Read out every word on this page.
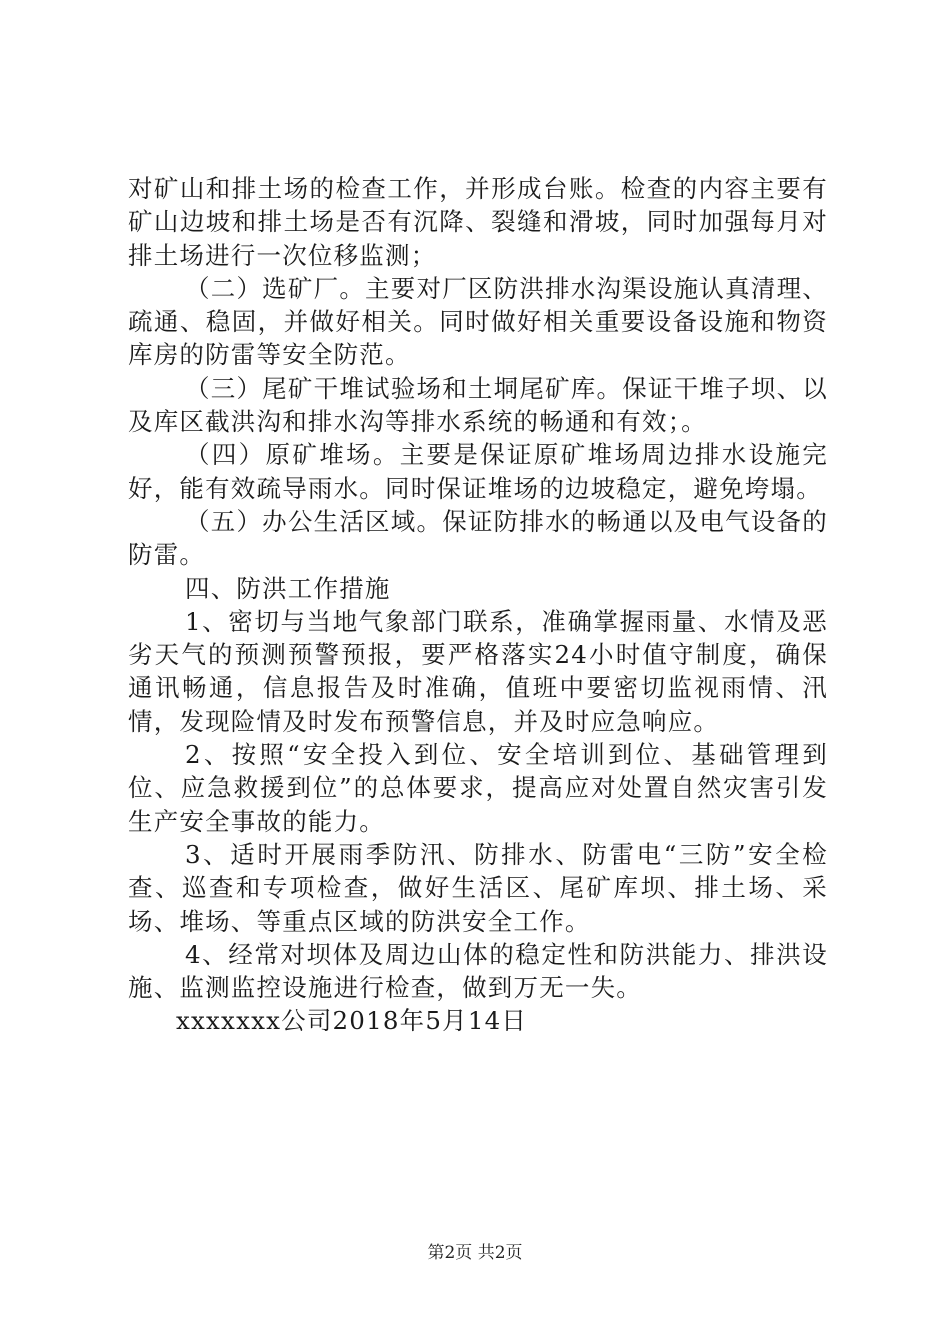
对矿山和排土场的检查工作，并形成台账。检查的内容主要有矿山边坡和排土场是否有沉降、裂缝和滑坡，同时加强每月对排土场进行一次位移监测；

（二）选矿厂。主要对厂区防洪排水沟渠设施认真清理、疏通、稳固，并做好相关。同时做好相关重要设备设施和物资库房的防雷等安全防范。

（三）尾矿干堆试验场和土垌尾矿库。保证干堆子坝、以及库区截洪沟和排水沟等排水系统的畅通和有效；。

（四）原矿堆场。主要是保证原矿堆场周边排水设施完好，能有效疏导雨水。同时保证堆场的边坡稳定，避免垮塌。

（五）办公生活区域。保证防排水的畅通以及电气设备的防雷。

四、防洪工作措施

1、密切与当地气象部门联系，准确掌握雨量、水情及恶劣天气的预测预警预报，要严格落实24小时值守制度，确保通讯畅通，信息报告及时准确，值班中要密切监视雨情、汛情，发现险情及时发布预警信息，并及时应急响应。

2、按照“安全投入到位、安全培训到位、基础管理到位、应急救援到位”的总体要求，提高应对处置自然灾害引发生产安全事故的能力。

3、适时开展雨季防汛、防排水、防雷电“三防”安全检查、巡查和专项检查，做好生活区、尾矿库坝、排土场、采场、堆场、等重点区域的防洪安全工作。

4、经常对坝体及周边山体的稳定性和防洪能力、排洪设施、监测监控设施进行检查，做到万无一失。

xxxxxxx公司2018年5月14日

第2页 共2页
